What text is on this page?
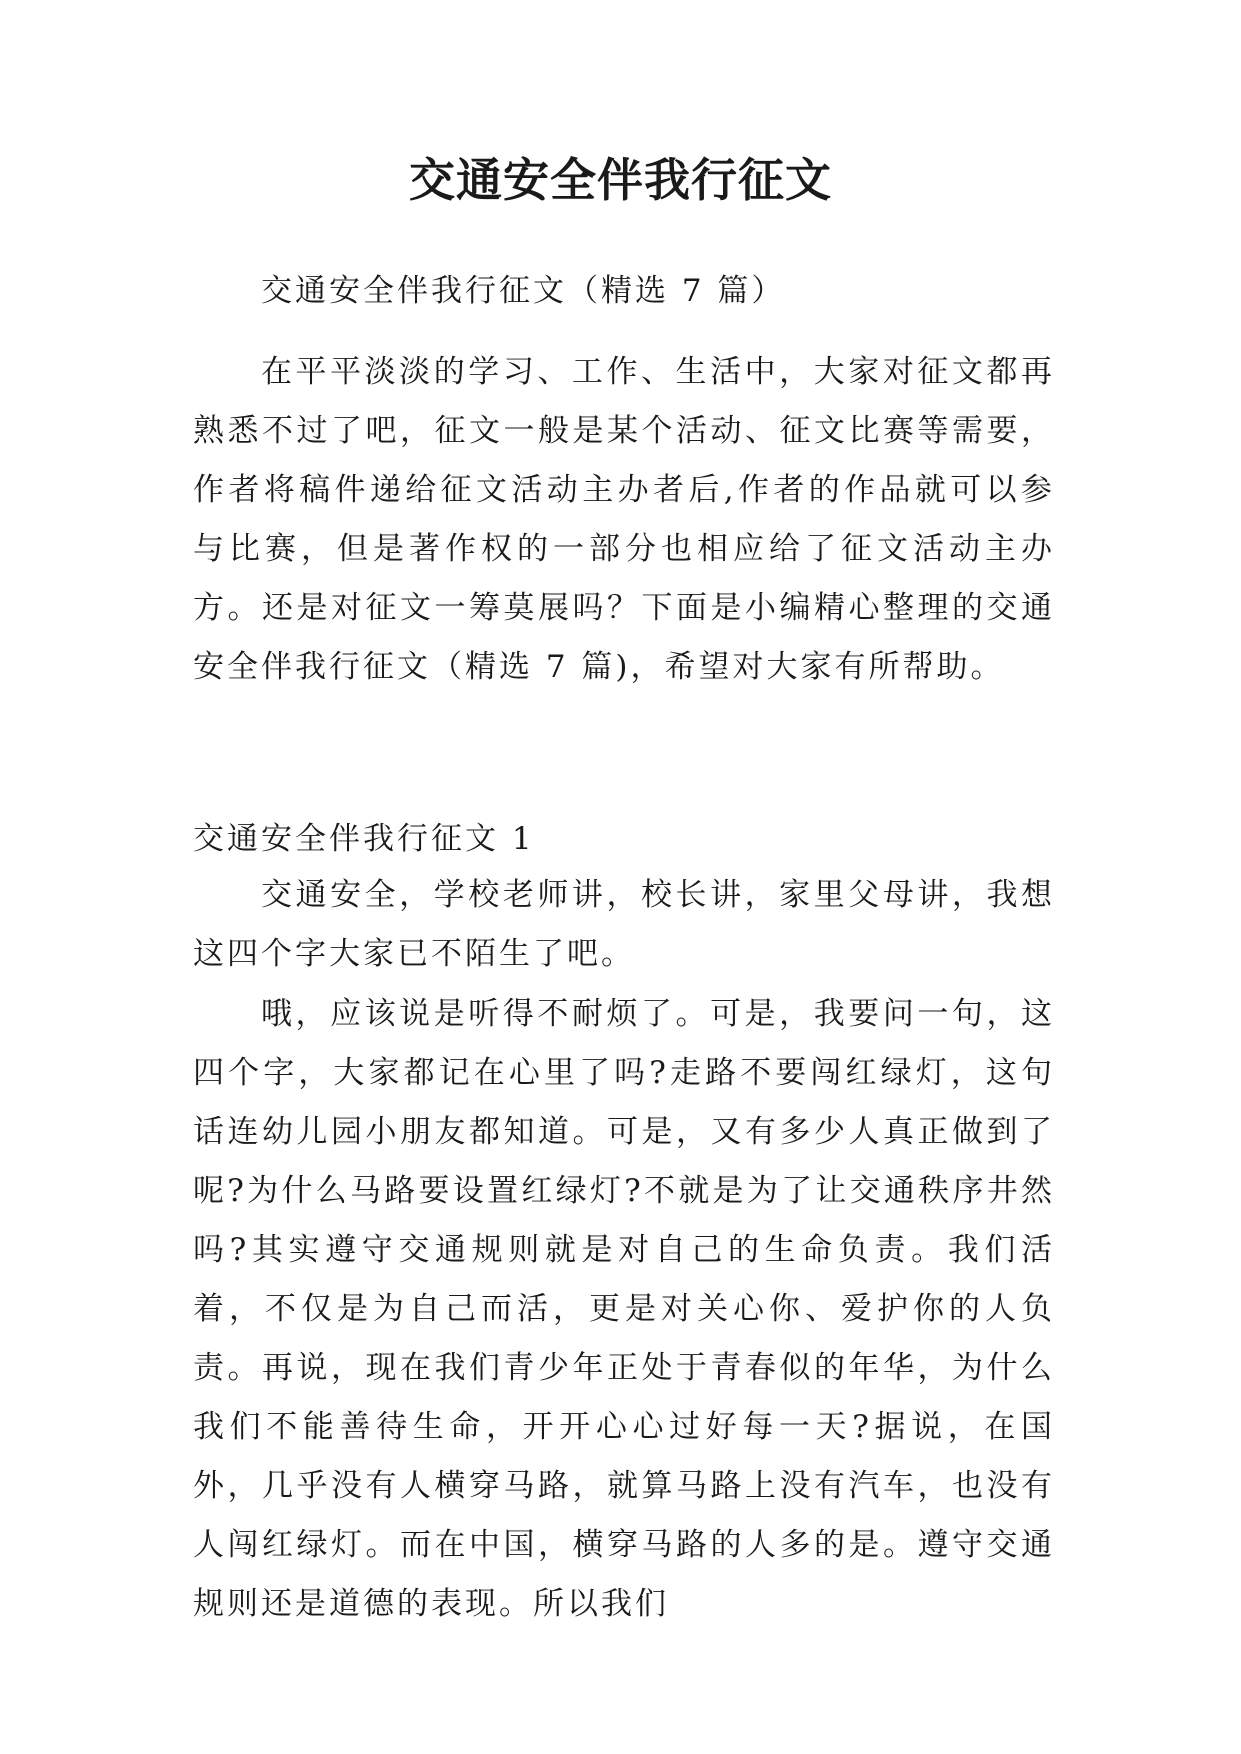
交通安全伴我行征文

交通安全伴我行征文（精选 7 篇）

在平平淡淡的学习、工作、生活中，大家对征文都再熟悉不过了吧，征文一般是某个活动、征文比赛等需要，作者将稿件递给征文活动主办者后,作者的作品就可以参与比赛，但是著作权的一部分也相应给了征文活动主办方。还是对征文一筹莫展吗？下面是小编精心整理的交通安全伴我行征文（精选 7 篇)，希望对大家有所帮助。

交通安全伴我行征文 1

交通安全，学校老师讲，校长讲，家里父母讲，我想这四个字大家已不陌生了吧。

哦，应该说是听得不耐烦了。可是，我要问一句，这四个字，大家都记在心里了吗?走路不要闯红绿灯，这句话连幼儿园小朋友都知道。可是，又有多少人真正做到了呢?为什么马路要设置红绿灯?不就是为了让交通秩序井然吗?其实遵守交通规则就是对自己的生命负责。我们活着，不仅是为自己而活，更是对关心你、爱护你的人负责。再说，现在我们青少年正处于青春似的年华，为什么我们不能善待生命，开开心心过好每一天?据说，在国外，几乎没有人横穿马路，就算马路上没有汽车，也没有人闯红绿灯。而在中国，横穿马路的人多的是。遵守交通规则还是道德的表现。所以我们
